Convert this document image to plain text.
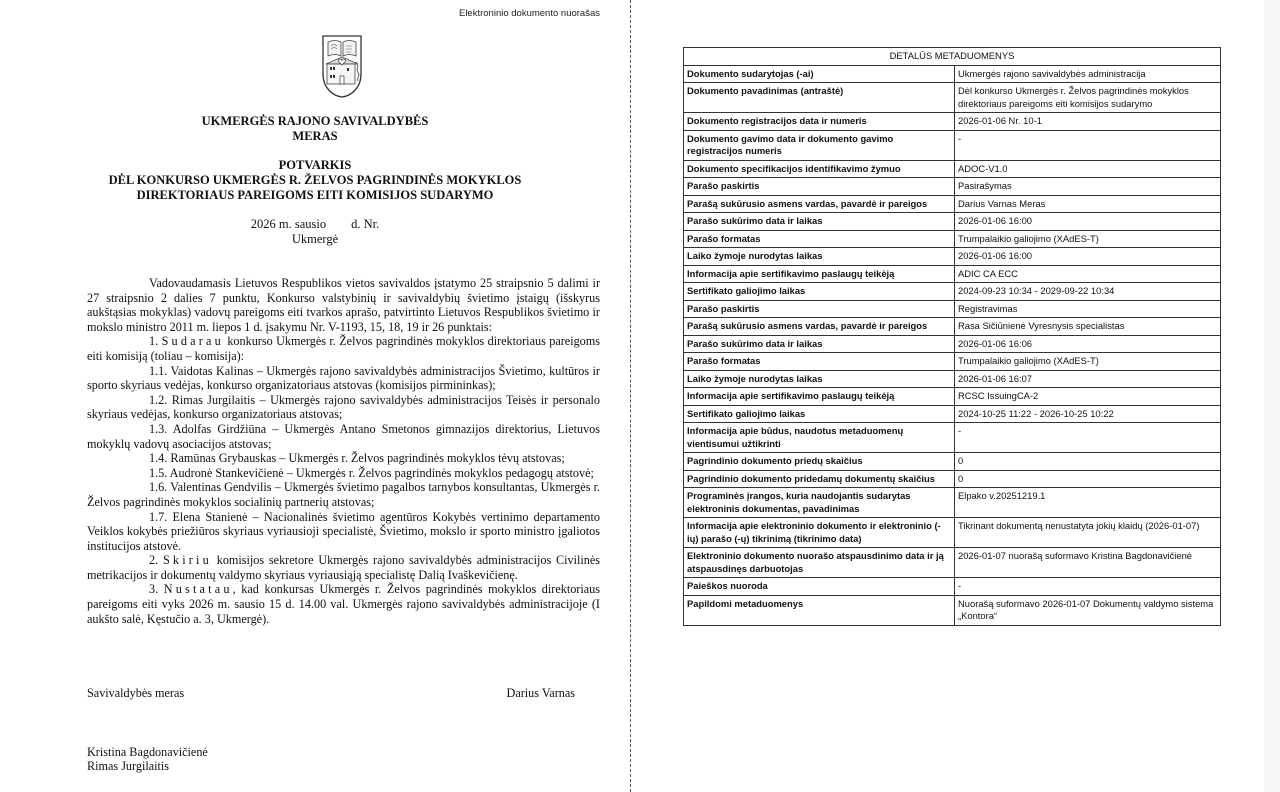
Elektroninio dokumento nuorašas
UKMERGĖS RAJONO SAVIVALDYBĖS
MERAS
POTVARKIS
DĖL KONKURSO UKMERGĖS R. ŽELVOS PAGRINDINĖS MOKYKLOS
DIREKTORIAUS PAREIGOMS EITI KOMISIJOS SUDARYMO
2026 m. sausio        d. Nr.
Ukmergė

Vadovaudamasis Lietuvos Respublikos vietos savivaldos įstatymo 25 straipsnio 5 dalimi ir 27 straipsnio 2 dalies 7 punktu, Konkurso valstybinių ir savivaldybių švietimo įstaigų (išskyrus aukštąsias mokyklas) vadovų pareigoms eiti tvarkos aprašo, patvirtinto Lietuvos Respublikos švietimo ir mokslo ministro 2011 m. liepos 1 d. įsakymu Nr. V-1193, 15, 18, 19 ir 26 punktais:

1. Sudarau konkurso Ukmergės r. Želvos pagrindinės mokyklos direktoriaus pareigoms eiti komisiją (toliau – komisija):

1.1. Vaidotas Kalinas – Ukmergės rajono savivaldybės administracijos Švietimo, kultūros ir sporto skyriaus vedėjas, konkurso organizatoriaus atstovas (komisijos pirmininkas);

1.2. Rimas Jurgilaitis – Ukmergės rajono savivaldybės administracijos Teisės ir personalo skyriaus vedėjas, konkurso organizatoriaus atstovas;

1.3. Adolfas Girdžiūna – Ukmergės Antano Smetonos gimnazijos direktorius, Lietuvos mokyklų vadovų asociacijos atstovas;

1.4. Ramūnas Grybauskas – Ukmergės r. Želvos pagrindinės mokyklos tėvų atstovas;

1.5. Audronė Stankevičienė – Ukmergės r. Želvos pagrindinės mokyklos pedagogų atstovė;

1.6. Valentinas Gendvilis – Ukmergės švietimo pagalbos tarnybos konsultantas, Ukmergės r. Želvos pagrindinės mokyklos socialinių partnerių atstovas;

1.7. Elena Stanienė – Nacionalinės švietimo agentūros Kokybės vertinimo departamento Veiklos kokybės priežiūros skyriaus vyriausioji specialistė, Švietimo, mokslo ir sporto ministro įgaliotos institucijos atstovė.

2. Skiriu komisijos sekretore Ukmergės rajono savivaldybės administracijos Civilinės metrikacijos ir dokumentų valdymo skyriaus vyriausiąją specialistę Dalią Ivaškevičienę.

3. Nustatau, kad konkursas Ukmergės r. Želvos pagrindinės mokyklos direktoriaus pareigoms eiti vyks 2026 m. sausio 15 d. 14.00 val. Ukmergės rajono savivaldybės administracijoje (I aukšto salė, Kęstučio a. 3, Ukmergė).

Savivaldybės meras	Darius Varnas
Kristina Bagdonavičienė
Rimas Jurgilaitis
DETALŪS METADUOMENYS	
Dokumento sudarytojas (-ai)	Ukmergės rajono savivaldybės administracija
Dokumento pavadinimas (antraštė)	Dėl konkurso Ukmergės r. Želvos pagrindinės mokyklos direktoriaus pareigoms eiti komisijos sudarymo
Dokumento registracijos data ir numeris	2026-01-06 Nr. 10-1
Dokumento gavimo data ir dokumento gavimo registracijos numeris	-
Dokumento specifikacijos identifikavimo žymuo	ADOC-V1.0
Parašo paskirtis	Pasirašymas
Parašą sukūrusio asmens vardas, pavardė ir pareigos	Darius Varnas Meras
Parašo sukūrimo data ir laikas	2026-01-06 16:00
Parašo formatas	Trumpalaikio galiojimo (XAdES-T)
Laiko žymoje nurodytas laikas	2026-01-06 16:00
Informacija apie sertifikavimo paslaugų teikėją	ADIC CA ECC
Sertifikato galiojimo laikas	2024-09-23 10:34 - 2029-09-22 10:34
Parašo paskirtis	Registravimas
Parašą sukūrusio asmens vardas, pavardė ir pareigos	Rasa Sičiūnienė Vyresnysis specialistas
Parašo sukūrimo data ir laikas	2026-01-06 16:06
Parašo formatas	Trumpalaikio galiojimo (XAdES-T)
Laiko žymoje nurodytas laikas	2026-01-06 16:07
Informacija apie sertifikavimo paslaugų teikėją	RCSC IssuingCA-2
Sertifikato galiojimo laikas	2024-10-25 11:22 - 2026-10-25 10:22
Informacija apie būdus, naudotus metaduomenų vientisumui užtikrinti	-
Pagrindinio dokumento priedų skaičius	0
Pagrindinio dokumento pridedamų dokumentų skaičius	0
Programinės įrangos, kuria naudojantis sudarytas elektroninis dokumentas, pavadinimas	Elpako v.20251219.1
Informacija apie elektroninio dokumento ir elektroninio (-ių) parašo (-ų) tikrinimą (tikrinimo data)	Tikrinant dokumentą nenustatyta jokių klaidų (2026-01-07)
Elektroninio dokumento nuorašo atspausdinimo data ir ją atspausdinęs darbuotojas	2026-01-07 nuorašą suformavo Kristina Bagdonavičienė
Paieškos nuoroda	-
Papildomi metaduomenys	Nuorašą suformavo 2026-01-07 Dokumentų valdymo sistema „Kontora“
